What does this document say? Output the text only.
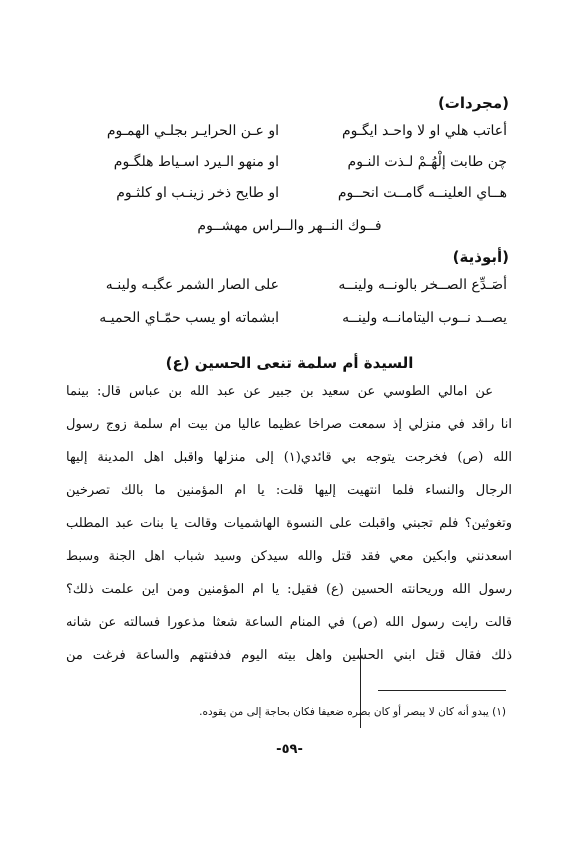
(مجردات)
أعاتب هلي او لا واحـد ايگـوم
او عـن الحرايـر بجلـي الهمـوم
چن طابت إلْهُـمْ لـذت النـوم
او منهو الـيرد اسـياط هلگـوم
هــاي العلينــه گامــت انحــوم
او طايح ذخر زينـب او كلثـوم
فــوك النــهر والــراس مهشــوم
(أبوذية)
أصَـدِّع الصــخر بالونــه ولينــه
على الصار الشمر عگبـه ولينـه
يصــد نــوب اليتامانــه ولينــه
ابشماته او يسب حمّـاي الحميـه
السيدة أم سلمة تنعى الحسين (ع)
عن أمالي الطوسي عن سعيد بن جبير عن عبد الله بن عباس قال: بينما
أنا راقد في منزلي إذ سمعت صراخا عظيما عاليا من بيت أم سلمة زوج رسول
الله (ص) فخرجت يتوجه بي قائدي(١) إلى منزلها وأقبل أهل المدينة إليها
الرجال والنساء فلما انتهيت إليها قلت: يا أم المؤمنين ما بالك تصرخين
وتغوثين؟ فلم تجبني وأقبلت على النسوة الهاشميات وقالت يا بنات عبد المطلب
أسعدنني وأبكين معي فقد قتل والله سيدكن وسيد شباب أهل الجنة وسبط
رسول الله وريحانته الحسين (ع) فقيل: يا أم المؤمنين ومن أين علمت ذلك؟
قالت رأيت رسول الله (ص) في المنام الساعة شعثا مذعورا فسألته عن شأنه
ذلك فقال قتل ابني الحسين وأهل بيته اليوم فدفنتهم والساعة فرغت من
(١) يبدو أنه كان لا يبصر أو كان بصره ضعيفا فكان بحاجة إلى من يقوده.
-٥٩-
